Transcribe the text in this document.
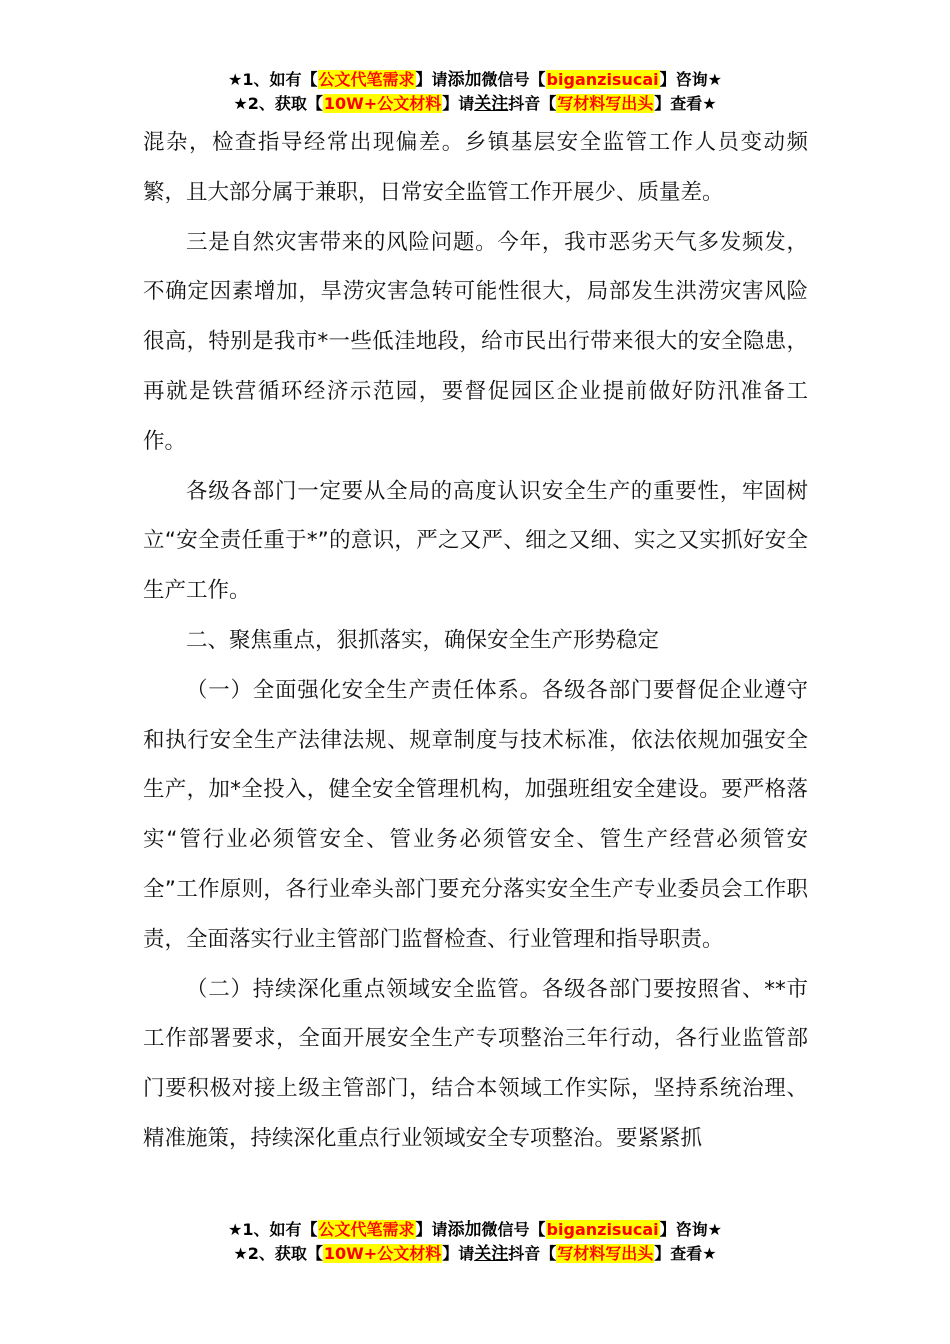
★1、如有【公文代笔需求】请添加微信号【biganzisucai】咨询★
★2、获取【10W+公文材料】请关注抖音【写材料写出头】查看★

混杂，检查指导经常出现偏差。乡镇基层安全监管工作人员变动频繁，且大部分属于兼职，日常安全监管工作开展少、质量差。

三是自然灾害带来的风险问题。今年，我市恶劣天气多发频发，不确定因素增加，旱涝灾害急转可能性很大，局部发生洪涝灾害风险很高，特别是我市*一些低洼地段，给市民出行带来很大的安全隐患，再就是铁营循环经济示范园，要督促园区企业提前做好防汛准备工作。

各级各部门一定要从全局的高度认识安全生产的重要性，牢固树立“安全责任重于*”的意识，严之又严、细之又细、实之又实抓好安全生产工作。

二、聚焦重点，狠抓落实，确保安全生产形势稳定

（一）全面强化安全生产责任体系。各级各部门要督促企业遵守和执行安全生产法律法规、规章制度与技术标准，依法依规加强安全生产，加*全投入，健全安全管理机构，加强班组安全建设。要严格落实“管行业必须管安全、管业务必须管安全、管生产经营必须管安全”工作原则，各行业牵头部门要充分落实安全生产专业委员会工作职责，全面落实行业主管部门监督检查、行业管理和指导职责。

（二）持续深化重点领域安全监管。各级各部门要按照省、**市工作部署要求，全面开展安全生产专项整治三年行动，各行业监管部门要积极对接上级主管部门，结合本领域工作实际，坚持系统治理、精准施策，持续深化重点行业领域安全专项整治。要紧紧抓

★1、如有【公文代笔需求】请添加微信号【biganzisucai】咨询★
★2、获取【10W+公文材料】请关注抖音【写材料写出头】查看★
